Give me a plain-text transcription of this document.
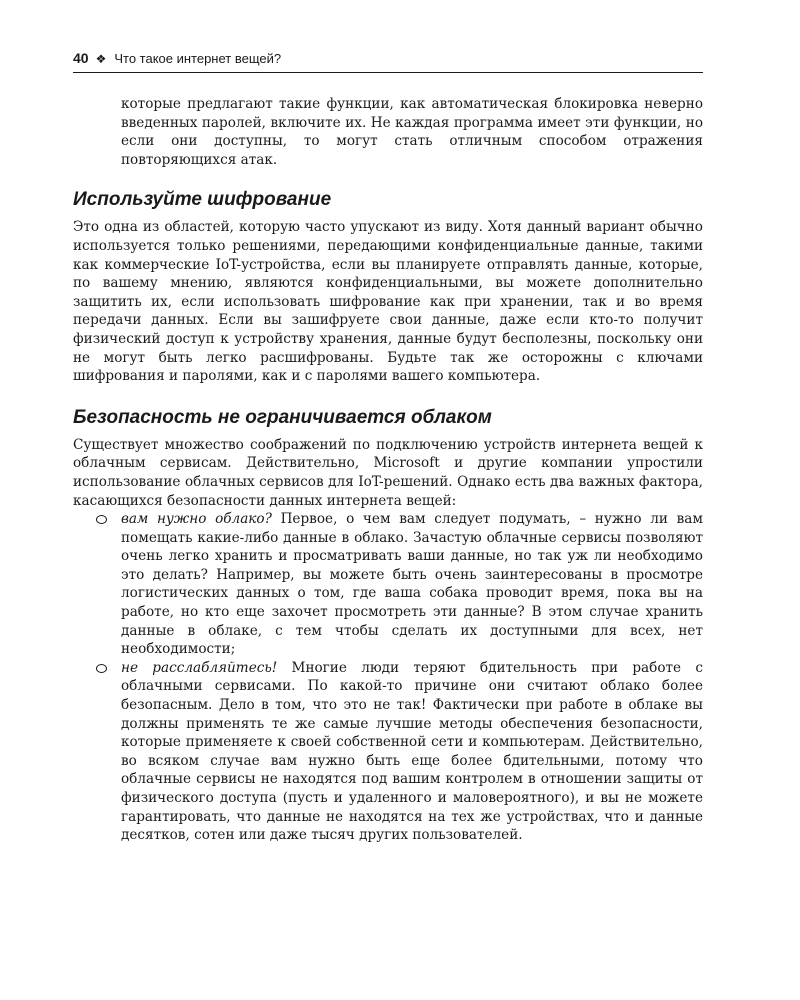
40 ❖ Что такое интернет вещей?

которые предлагают такие функции, как автоматическая блокировка неверно введенных паролей, включите их. Не каждая программа имеет эти функции, но если они доступны, то могут стать отличным способом отражения повторяющихся атак.

Используйте шифрование

Это одна из областей, которую часто упускают из виду. Хотя данный вариант обычно используется только решениями, передающими конфиденциальные данные, такими как коммерческие IoT-устройства, если вы планируете отправлять данные, которые, по вашему мнению, являются конфиденциальными, вы можете дополнительно защитить их, если использовать шифрование как при хранении, так и во время передачи данных. Если вы зашифруете свои данные, даже если кто-то получит физический доступ к устройству хранения, данные будут бесполезны, поскольку они не могут быть легко расшифрованы. Будьте так же осторожны с ключами шифрования и паролями, как и с паролями вашего компьютера.

Безопасность не ограничивается облаком

Существует множество соображений по подключению устройств интернета вещей к облачным сервисам. Действительно, Microsoft и другие компании упростили использование облачных сервисов для IoT-решений. Однако есть два важных фактора, касающихся безопасности данных интернета вещей:

вам нужно облако? Первое, о чем вам следует подумать, – нужно ли вам помещать какие-либо данные в облако. Зачастую облачные сервисы позволяют очень легко хранить и просматривать ваши данные, но так уж ли необходимо это делать? Например, вы можете быть очень заинтересованы в просмотре логистических данных о том, где ваша собака проводит время, пока вы на работе, но кто еще захочет просмотреть эти данные? В этом случае хранить данные в облаке, с тем чтобы сделать их доступными для всех, нет необходимости;
не расслабляйтесь! Многие люди теряют бдительность при работе с облачными сервисами. По какой-то причине они считают облако более безопасным. Дело в том, что это не так! Фактически при работе в облаке вы должны применять те же самые лучшие методы обеспечения безопасности, которые применяете к своей собственной сети и компьютерам. Действительно, во всяком случае вам нужно быть еще более бдительными, потому что облачные сервисы не находятся под вашим контролем в отношении защиты от физического доступа (пусть и удаленного и маловероятного), и вы не можете гарантировать, что данные не находятся на тех же устройствах, что и данные десятков, сотен или даже тысяч других пользователей.
